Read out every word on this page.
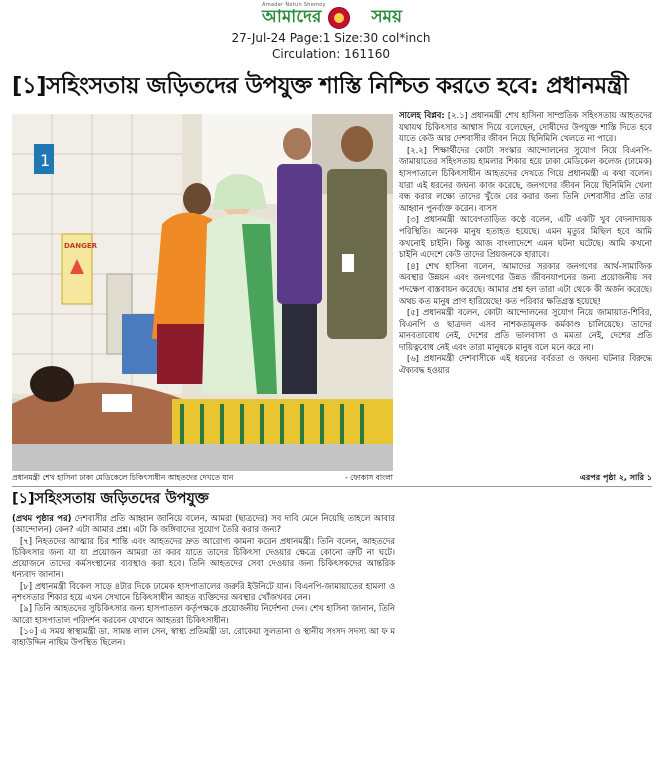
Amader Notun Shomoy
আমাদের	সময়
27-Jul-24 Page:1 Size:30 col*inch
Circulation: 161160
[১]সহিংসতায় জড়িতদের উপযুক্ত শাস্তি নিশ্চিত করতে হবে: প্রধানমন্ত্রী
1
DANGER
প্রধানমন্ত্রী শেখ হাসিনা ঢাকা মেডিকেলে চিকিৎসাধীন আহতদের দেখতে যান	- ফোকাস বাংলা

সালেহ বিপ্লব: [২.১] প্রধানমন্ত্রী শেখ হাসিনা সাম্প্রতিক সহিংসতায় আহতদের যথাযথ চিকিৎসার আশ্বাস দিয়ে বলেছেন, দোষীদের উপযুক্ত শাস্তি দিতে হবে যাতে কেউ আর দেশবাসীর জীবন নিয়ে ছিনিমিনি খেলতে না পারে।

[২.২] শিক্ষার্থীদের কোটা সংস্কার আন্দোলনের সুযোগ নিয়ে বিএনপি-জামায়াতের সহিংসতায় হামলার শিকার হয়ে ঢাকা মেডিকেল কলেজ (ঢামেক) হাসপাতালে চিকিৎসাধীন আহতদের দেখতে গিয়ে প্রধানমন্ত্রী এ কথা বলেন। যারা এই ধরনের জঘন্য কাজ করেছে, জনগণের জীবন নিয়ে ছিনিমিনি খেলা বন্ধ করার লক্ষ্যে তাদের খুঁজে বের করার জন্য তিনি দেশবাসীর প্রতি তার আহ্বান পুনর্ব্যক্ত করেন। বাসস

[৩] প্রধানমন্ত্রী আবেগতাড়িত কণ্ঠে বলেন, এটি একটি খুব বেদনাদায়ক পরিস্থিতি। অনেক মানুষ হতাহত হয়েছে। এমন মৃত্যুর মিছিল হবে আমি কখনোই চাইনি। কিন্তু আজ বাংলাদেশে এমন ঘটনা ঘটেছে। আমি কখনো চাইনি এদেশে কেউ তাদের প্রিয়জনকে হারাবে।

[৪] শেখ হাসিনা বলেন, আমাদের সরকার জনগণের আর্থ-সামাজিক অবস্থার উন্নয়ন এবং জনগণের উন্নত জীবনযাপনের জন্য প্রয়োজনীয় সব পদক্ষেপ বাস্তবায়ন করেছে। আমার প্রশ্ন হল তারা এটা থেকে কী অর্জন করেছে। অথচ কত মানুষ প্রাণ হারিয়েছে! কত পরিবার ক্ষতিগ্রস্ত হয়েছে!

[৫] প্রধানমন্ত্রী বলেন, কোটা আন্দোলনের সুযোগ নিয়ে জামায়াত-শিবির, বিএনপি ও ছাত্রদল এসব নাশকতামূলক কর্মকাণ্ড চালিয়েছে। তাদের মানবতাবোধ নেই, দেশের প্রতি ভালবাসা ও মমতা নেই, দেশের প্রতি দায়িত্ববোধ নেই এবং তারা মানুষকে মানুষ বলে মনে করে না।

[৬] প্রধানমন্ত্রী দেশবাসীকে এই ধরনের বর্বরতা ও জঘন্য ঘটনার বিরুদ্ধে ঐক্যবদ্ধ হওয়ার

এরপর পৃষ্ঠা ২, সারি ১
[১]সহিংসতায় জড়িতদের উপযুক্ত

(প্রথম পৃষ্ঠার পর) দেশবাসীর প্রতি আহ্বান জানিয়ে বলেন, আমরা (ছাত্রদের) সব দাবি মেনে নিয়েছি তাহলে আবার (আন্দোলন) কেন? এটা আমার প্রশ্ন। এটা কি জঙ্গিবাদের সুযোগ তৈরি করার জন্য?

[৭] নিহতদের আত্মার চির শান্তি এবং আহতদের দ্রুত আরোগ্য কামনা করেন প্রধানমন্ত্রী। তিনি বলেন, আহতদের চিকিৎসার জন্য যা যা প্রয়োজন আমরা তা করব যাতে তাদের চিকিৎসা দেওয়ার ক্ষেত্রে কোনো ত্রুটি না ঘটে। প্রয়োজনে তাদের কর্মসংস্থানের ব্যবস্থাও করা হবে। তিনি আহতদের সেবা দেওয়ার জন্য চিকিৎসকদের আন্তরিক ধন্যবাদ জানান।

[৮] প্রধানমন্ত্রী বিকেল সাড়ে ৪টার দিকে ঢামেক হাসপাতালের জরুরি ইউনিটে যান। বিএনপি-জামায়াতের হামলা ও নৃশংসতার শিকার হয়ে এখন সেখানে চিকিৎসাধীন আহত ব্যক্তিদের অবস্থার খোঁজখবর নেন।

[৯] তিনি আহতদের সুচিকিৎসার জন্য হাসপাতাল কর্তৃপক্ষকে প্রয়োজনীয় নির্দেশনা দেন। শেখ হাসিনা জানান, তিনি আরো হাসপাতাল পরিদর্শন করবেন যেখানে আহতরা চিকিৎসাধীন।

[১০] এ সময় স্বাস্থ্যমন্ত্রী ডা. সামন্ত লাল সেন, স্বাস্থ্য প্রতিমন্ত্রী ডা. রোকেয়া সুলতানা ও স্থানীয় সংসদ সদস্য আ ফ ম বাহাউদ্দিন নাছিম উপস্থিত ছিলেন।
